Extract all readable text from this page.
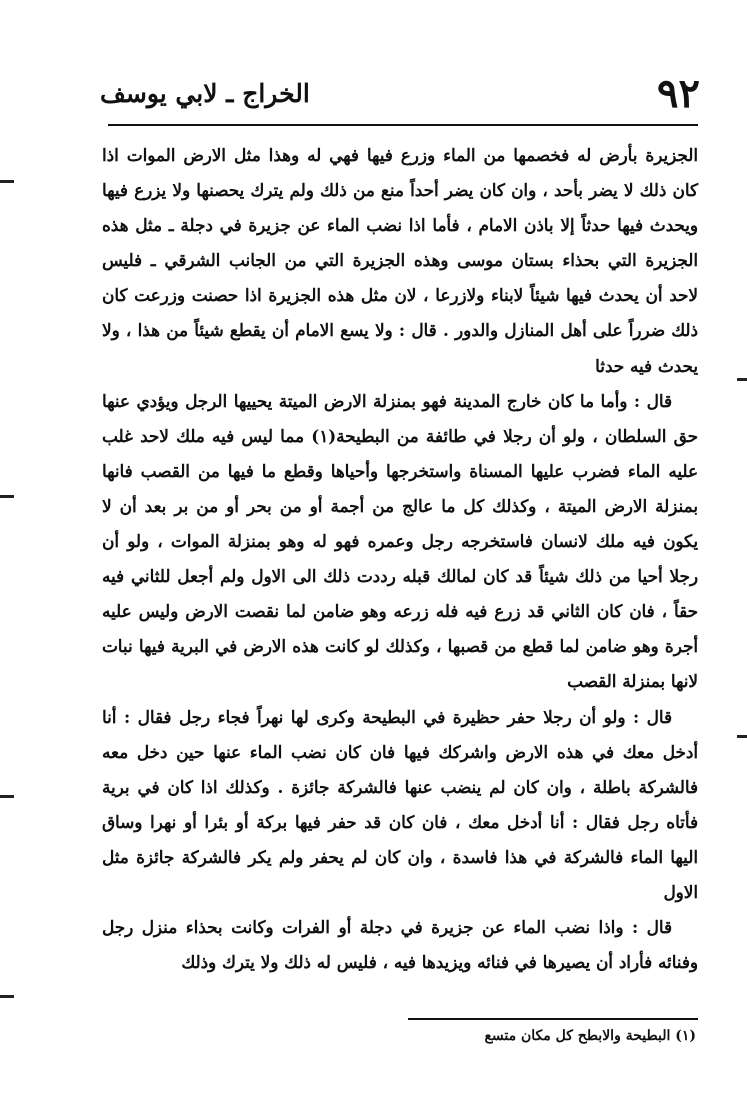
٩٢
الخراج ـ لابي يوسف

الجزيرة بأرض له فخصمها من الماء وزرع فيها فهي له وهذا مثل الارض الموات اذا كان ذلك لا يضر بأحد ، وان كان يضر أحداً منع من ذلك ولم يترك يحصنها ولا يزرع فيها ويحدث فيها حدثاً إلا باذن الامام ، فأما اذا نضب الماء عن جزيرة في دجلة ـ مثل هذه الجزيرة التي بحذاء بستان موسى وهذه الجزيرة التي من الجانب الشرقي ـ فليس لاحد أن يحدث فيها شيئاً لابناء ولازرعا ، لان مثل هذه الجزيرة اذا حصنت وزرعت كان ذلك ضرراً على أهل المنازل والدور . قال : ولا يسع الامام أن يقطع شيئاً من هذا ، ولا يحدث فيه حدثا

قال : وأما ما كان خارج المدينة فهو بمنزلة الارض الميتة يحييها الرجل ويؤدي عنها حق السلطان ، ولو أن رجلا في طائفة من البطيحة(١) مما ليس فيه ملك لاحد غلب عليه الماء فضرب عليها المسناة واستخرجها وأحياها وقطع ما فيها من القصب فانها بمنزلة الارض الميتة ، وكذلك كل ما عالج من أجمة أو من بحر أو من بر بعد أن لا يكون فيه ملك لانسان فاستخرجه رجل وعمره فهو له وهو بمنزلة الموات ، ولو أن رجلا أحيا من ذلك شيئاً قد كان لمالك قبله رددت ذلك الى الاول ولم أجعل للثاني فيه حقاً ، فان كان الثاني قد زرع فيه فله زرعه وهو ضامن لما نقصت الارض وليس عليه أجرة وهو ضامن لما قطع من قصبها ، وكذلك لو كانت هذه الارض في البرية فيها نبات لانها بمنزلة القصب

قال : ولو أن رجلا حفر حظيرة في البطيحة وكرى لها نهراً فجاء رجل فقال : أنا أدخل معك في هذه الارض واشركك فيها فان كان نضب الماء عنها حين دخل معه فالشركة باطلة ، وان كان لم ينضب عنها فالشركة جائزة . وكذلك اذا كان في برية فأتاه رجل فقال : أنا أدخل معك ، فان كان قد حفر فيها بركة أو بئرا أو نهرا وساق اليها الماء فالشركة في هذا فاسدة ، وان كان لم يحفر ولم يكر فالشركة جائزة مثل الاول

قال : واذا نضب الماء عن جزيرة في دجلة أو الفرات وكانت بحذاء منزل رجل وفنائه فأراد أن يصيرها في فنائه ويزيدها فيه ، فليس له ذلك ولا يترك وذلك

(١) البطيحة والابطح كل مكان متسع
